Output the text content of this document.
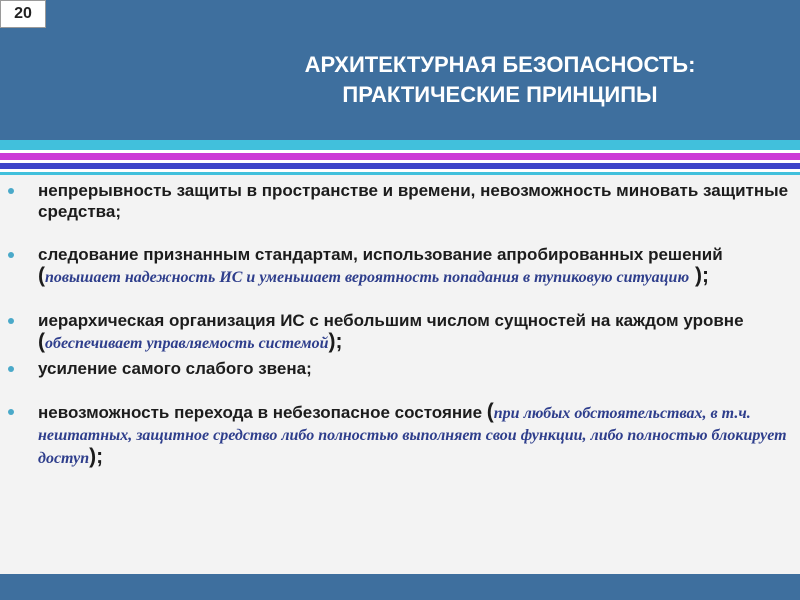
20
АРХИТЕКТУРНАЯ БЕЗОПАСНОСТЬ:
ПРАКТИЧЕСКИЕ ПРИНЦИПЫ
непрерывность защиты в пространстве и времени, невозможность миновать защитные средства;
следование признанным стандартам, использование апробированных решений (повышает надежность ИС и уменьшает вероятность попадания в тупиковую ситуацию );
иерархическая организация ИС с небольшим числом сущностей на каждом уровне (обеспечивает управляемость системой);
усиление самого слабого звена;
невозможность перехода в небезопасное состояние (при любых обстоятельствах, в т.ч. нештатных, защитное средство либо полностью выполняет свои функции, либо полностью блокирует доступ);
